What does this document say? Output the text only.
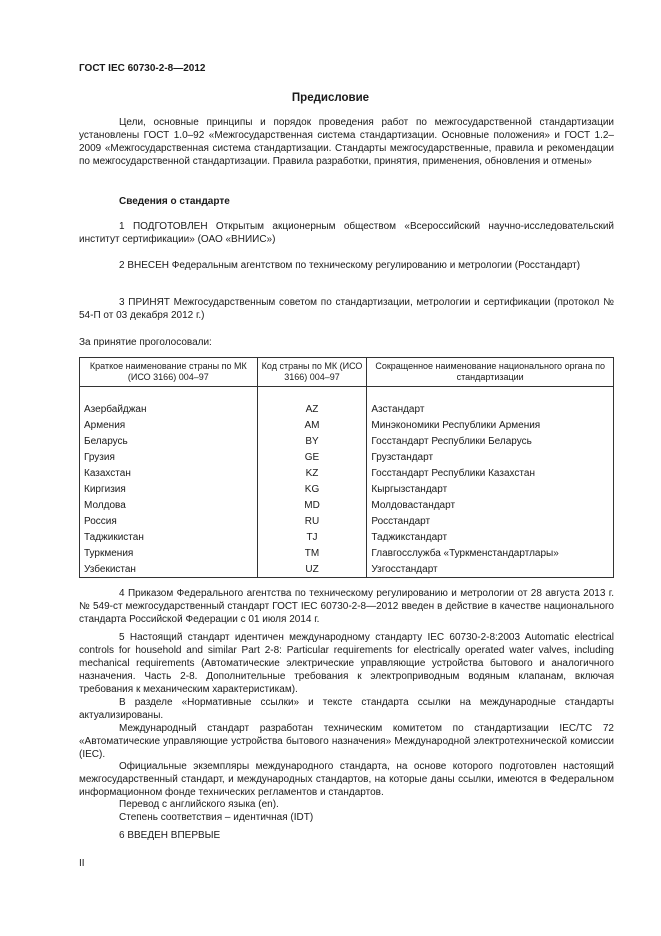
ГОСТ IEC 60730-2-8—2012
Предисловие

Цели, основные принципы и порядок проведения работ по межгосударственной стандартизации установлены ГОСТ 1.0–92 «Межгосударственная система стандартизации. Основные положения» и ГОСТ 1.2–2009 «Межгосударственная система стандартизации. Стандарты межгосударственные, правила и рекомендации по межгосударственной стандартизации. Правила разработки, принятия, применения, обновления и отмены»

Сведения о стандарте

1 ПОДГОТОВЛЕН Открытым акционерным обществом «Всероссийский научно-исследовательский институт сертификации» (ОАО «ВНИИС»)

2 ВНЕСЕН Федеральным агентством по техническому регулированию и метрологии (Росстандарт)

3 ПРИНЯТ Межгосударственным советом по стандартизации, метрологии и сертификации (протокол № 54-П от 03 декабря 2012 г.)

За принятие проголосовали:

Краткое наименование страны по МК (ИСО 3166) 004–97	Код страны по МК (ИСО 3166) 004–97	Сокращенное наименование национального органа по стандартизации

Азербайджан	AZ	Азстандарт
Армения	AM	Минэкономики Республики Армения
Беларусь	BY	Госстандарт Республики Беларусь
Грузия	GE	Грузстандарт
Казахстан	KZ	Госстандарт Республики Казахстан
Киргизия	KG	Кыргызстандарт
Молдова	MD	Молдовастандарт
Россия	RU	Росстандарт
Таджикистан	TJ	Таджикстандарт
Туркмения	TM	Главгосслужба «Туркменстандартлары»
Узбекистан	UZ	Узгосстандарт

4 Приказом Федерального агентства по техническому регулированию и метрологии от 28 августа 2013 г. № 549-ст межгосударственный стандарт ГОСТ IEC 60730-2-8—2012 введен в действие в качестве национального стандарта Российской Федерации с 01 июля 2014 г.

5 Настоящий стандарт идентичен международному стандарту IEC 60730-2-8:2003 Automatic electrical controls for household and similar Part 2-8: Particular requirements for electrically operated water valves, including mechanical requirements (Автоматические электрические управляющие устройства бытового и аналогичного назначения. Часть 2-8. Дополнительные требования к электроприводным водяным клапанам, включая требования к механическим характеристикам).

В разделе «Нормативные ссылки» и тексте стандарта ссылки на международные стандарты актуализированы.

Международный стандарт разработан техническим комитетом по стандартизации IEC/TC 72 «Автоматические управляющие устройства бытового назначения» Международной электротехнической комиссии (IEC).

Официальные экземпляры международного стандарта, на основе которого подготовлен настоящий межгосударственный стандарт, и международных стандартов, на которые даны ссылки, имеются в Федеральном информационном фонде технических регламентов и стандартов.

Перевод с английского языка (en).

Степень соответствия – идентичная (IDT)

6 ВВЕДЕН ВПЕРВЫЕ

II
